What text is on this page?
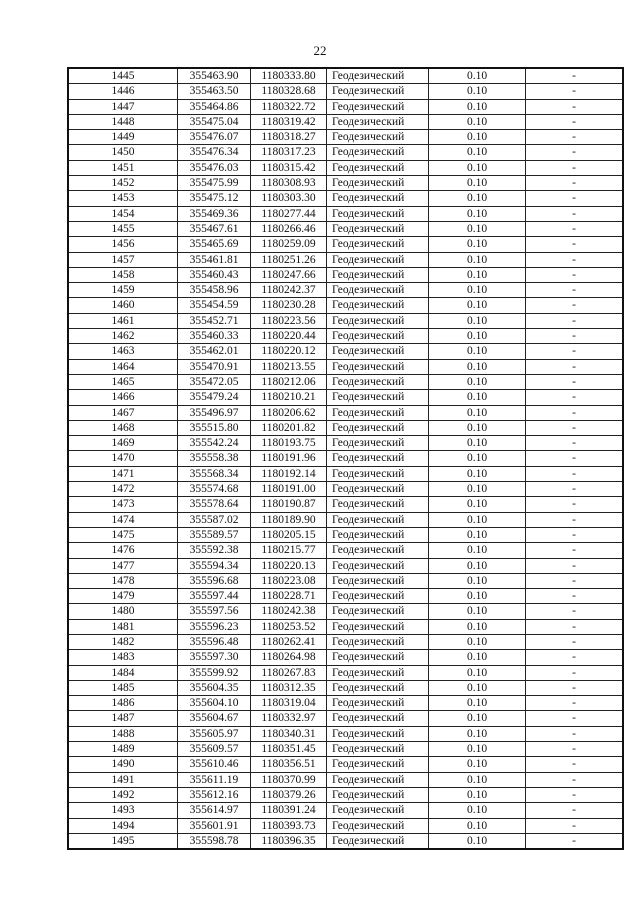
22
1445	355463.90	1180333.80	Геодезический	0.10	-
1446	355463.50	1180328.68	Геодезический	0.10	-
1447	355464.86	1180322.72	Геодезический	0.10	-
1448	355475.04	1180319.42	Геодезический	0.10	-
1449	355476.07	1180318.27	Геодезический	0.10	-
1450	355476.34	1180317.23	Геодезический	0.10	-
1451	355476.03	1180315.42	Геодезический	0.10	-
1452	355475.99	1180308.93	Геодезический	0.10	-
1453	355475.12	1180303.30	Геодезический	0.10	-
1454	355469.36	1180277.44	Геодезический	0.10	-
1455	355467.61	1180266.46	Геодезический	0.10	-
1456	355465.69	1180259.09	Геодезический	0.10	-
1457	355461.81	1180251.26	Геодезический	0.10	-
1458	355460.43	1180247.66	Геодезический	0.10	-
1459	355458.96	1180242.37	Геодезический	0.10	-
1460	355454.59	1180230.28	Геодезический	0.10	-
1461	355452.71	1180223.56	Геодезический	0.10	-
1462	355460.33	1180220.44	Геодезический	0.10	-
1463	355462.01	1180220.12	Геодезический	0.10	-
1464	355470.91	1180213.55	Геодезический	0.10	-
1465	355472.05	1180212.06	Геодезический	0.10	-
1466	355479.24	1180210.21	Геодезический	0.10	-
1467	355496.97	1180206.62	Геодезический	0.10	-
1468	355515.80	1180201.82	Геодезический	0.10	-
1469	355542.24	1180193.75	Геодезический	0.10	-
1470	355558.38	1180191.96	Геодезический	0.10	-
1471	355568.34	1180192.14	Геодезический	0.10	-
1472	355574.68	1180191.00	Геодезический	0.10	-
1473	355578.64	1180190.87	Геодезический	0.10	-
1474	355587.02	1180189.90	Геодезический	0.10	-
1475	355589.57	1180205.15	Геодезический	0.10	-
1476	355592.38	1180215.77	Геодезический	0.10	-
1477	355594.34	1180220.13	Геодезический	0.10	-
1478	355596.68	1180223.08	Геодезический	0.10	-
1479	355597.44	1180228.71	Геодезический	0.10	-
1480	355597.56	1180242.38	Геодезический	0.10	-
1481	355596.23	1180253.52	Геодезический	0.10	-
1482	355596.48	1180262.41	Геодезический	0.10	-
1483	355597.30	1180264.98	Геодезический	0.10	-
1484	355599.92	1180267.83	Геодезический	0.10	-
1485	355604.35	1180312.35	Геодезический	0.10	-
1486	355604.10	1180319.04	Геодезический	0.10	-
1487	355604.67	1180332.97	Геодезический	0.10	-
1488	355605.97	1180340.31	Геодезический	0.10	-
1489	355609.57	1180351.45	Геодезический	0.10	-
1490	355610.46	1180356.51	Геодезический	0.10	-
1491	355611.19	1180370.99	Геодезический	0.10	-
1492	355612.16	1180379.26	Геодезический	0.10	-
1493	355614.97	1180391.24	Геодезический	0.10	-
1494	355601.91	1180393.73	Геодезический	0.10	-
1495	355598.78	1180396.35	Геодезический	0.10	-
